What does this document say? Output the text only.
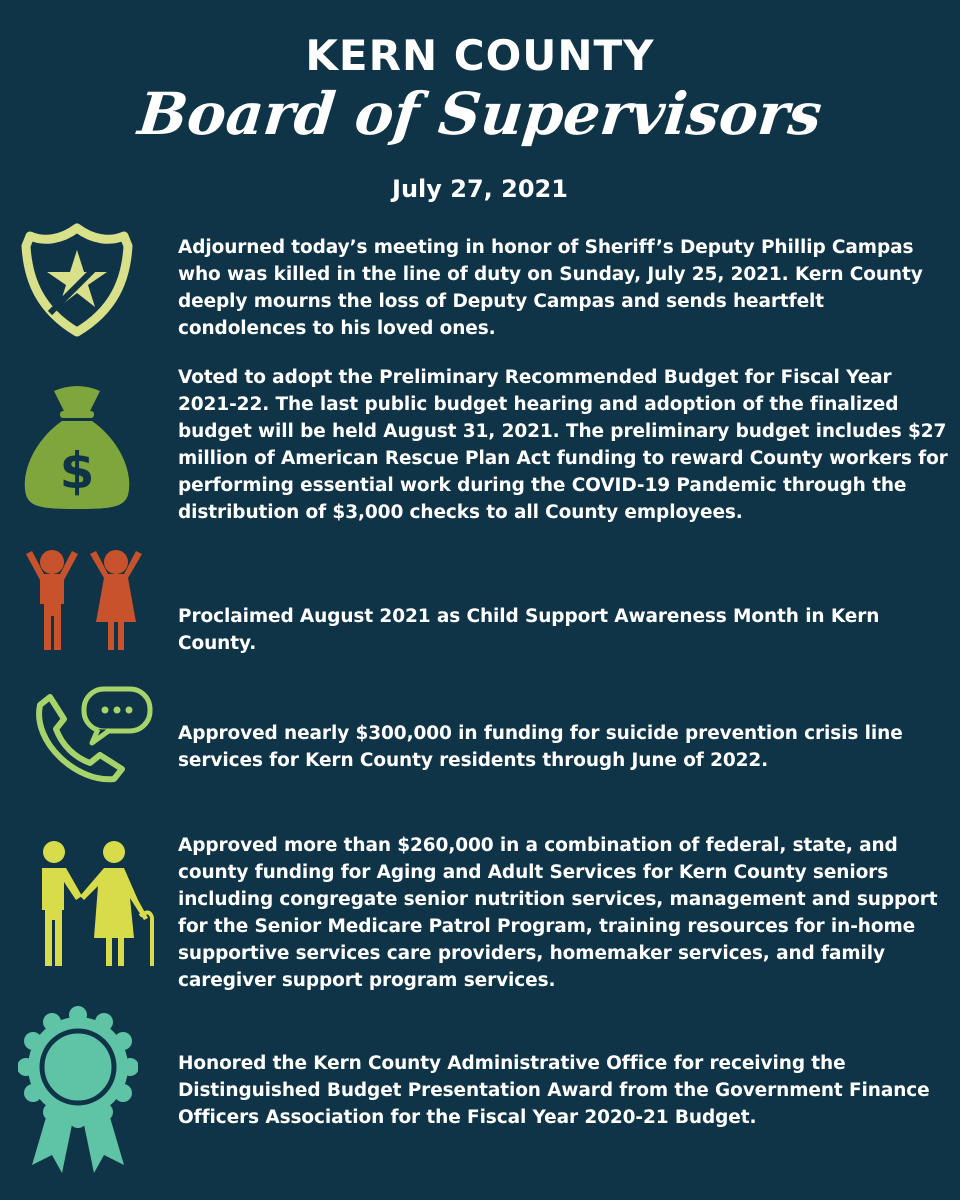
KERN COUNTY
Board of Supervisors
July 27, 2021
Adjourned today’s meeting in honor of Sheriff’s Deputy Phillip Campas who was killed in the line of duty on Sunday, July 25, 2021. Kern County deeply mourns the loss of Deputy Campas and sends heartfelt condolences to his loved ones.
$
Voted to adopt the Preliminary Recommended Budget for Fiscal Year 2021-22. The last public budget hearing and adoption of the finalized budget will be held August 31, 2021. The preliminary budget includes $27 million of American Rescue Plan Act funding to reward County workers for performing essential work during the COVID-19 Pandemic through the distribution of $3,000 checks to all County employees.
Proclaimed August 2021 as Child Support Awareness Month in Kern County.
Approved nearly $300,000 in funding for suicide prevention crisis line services for Kern County residents through June of 2022.
Approved more than $260,000 in a combination of federal, state, and county funding for Aging and Adult Services for Kern County seniors including congregate senior nutrition services, management and support for the Senior Medicare Patrol Program, training resources for in-home supportive services care providers, homemaker services, and family caregiver support program services.
Honored the Kern County Administrative Office for receiving the Distinguished Budget Presentation Award from the Government Finance Officers Association for the Fiscal Year 2020-21 Budget.
